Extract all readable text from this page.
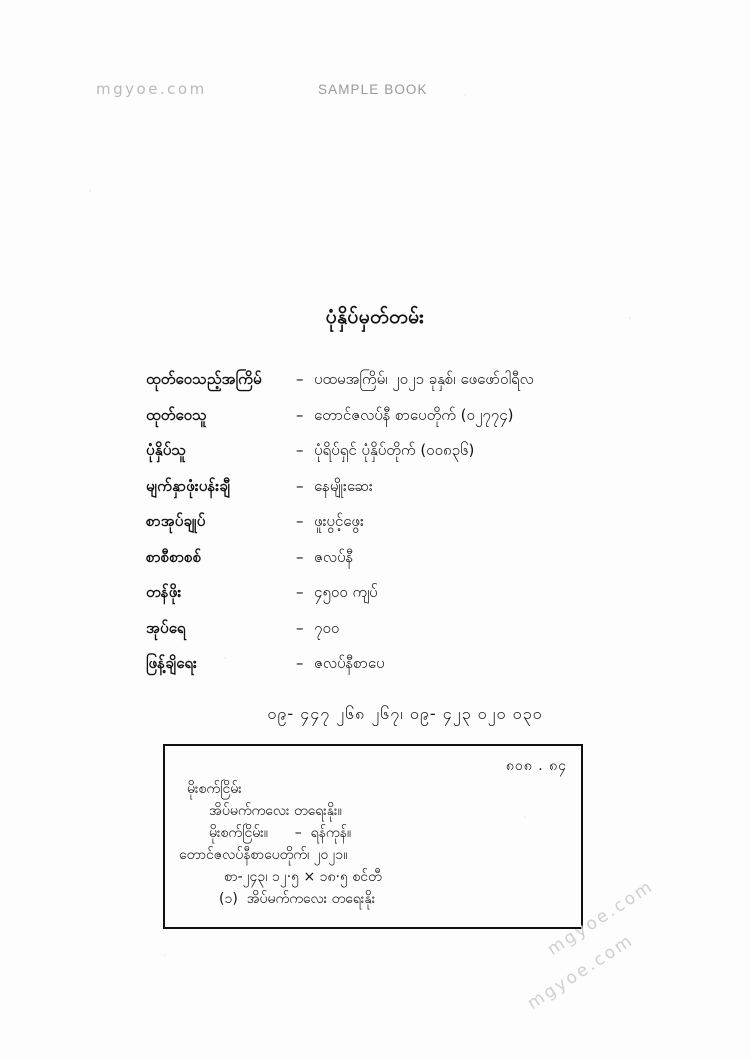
mgyoe.com	SAMPLE BOOK
ပုံနှိပ်မှတ်တမ်း
ထုတ်ဝေသည့်အကြိမ်	– ပထမအကြိမ်၊ ၂၀၂၁ ခုနှစ်၊ ဖေဖော်ဝါရီလ
ထုတ်ဝေသူ	– တောင်ဇလပ်နီ စာပေတိုက် (၀၂၇၇၄)
ပုံနှိပ်သူ	– ပုံရိပ်ရှင် ပုံနှိပ်တိုက် (၀၀၈၃၆)
မျက်နှာဖုံးပန်းချီ	– နေမျိုးဆေး
စာအုပ်ချုပ်	– ဖူးပွင့်ဖွေး
စာစီစာစစ်	– ဇလပ်နီ
တန်ဖိုး	– ၄၅၀၀ ကျပ်
အုပ်ရေ	– ၇၀၀
ဖြန့်ချိရေး	– ဇလပ်နီစာပေ
၀၉- ၄၄၇ ၂၆၈ ၂၆၇၊ ၀၉- ၄၂၃ ၀၂၀ ၀၃၀
၈၀၈ . ၈၄
မိုးစက်ငြိမ်း
အိပ်မက်ကလေး တရေးနိုး။
မိုးစက်ငြိမ်း။      –  ရန်ကုန်။
တောင်ဇလပ်နီစာပေတိုက်၊ ၂၀၂၁။
စာ-၂၄၃၊ ၁၂·၅ × ၁၈·၅ စင်တီ
(၁)  အိပ်မက်ကလေး တရေးနိုး	mgyoe.com
mgyoe.com
